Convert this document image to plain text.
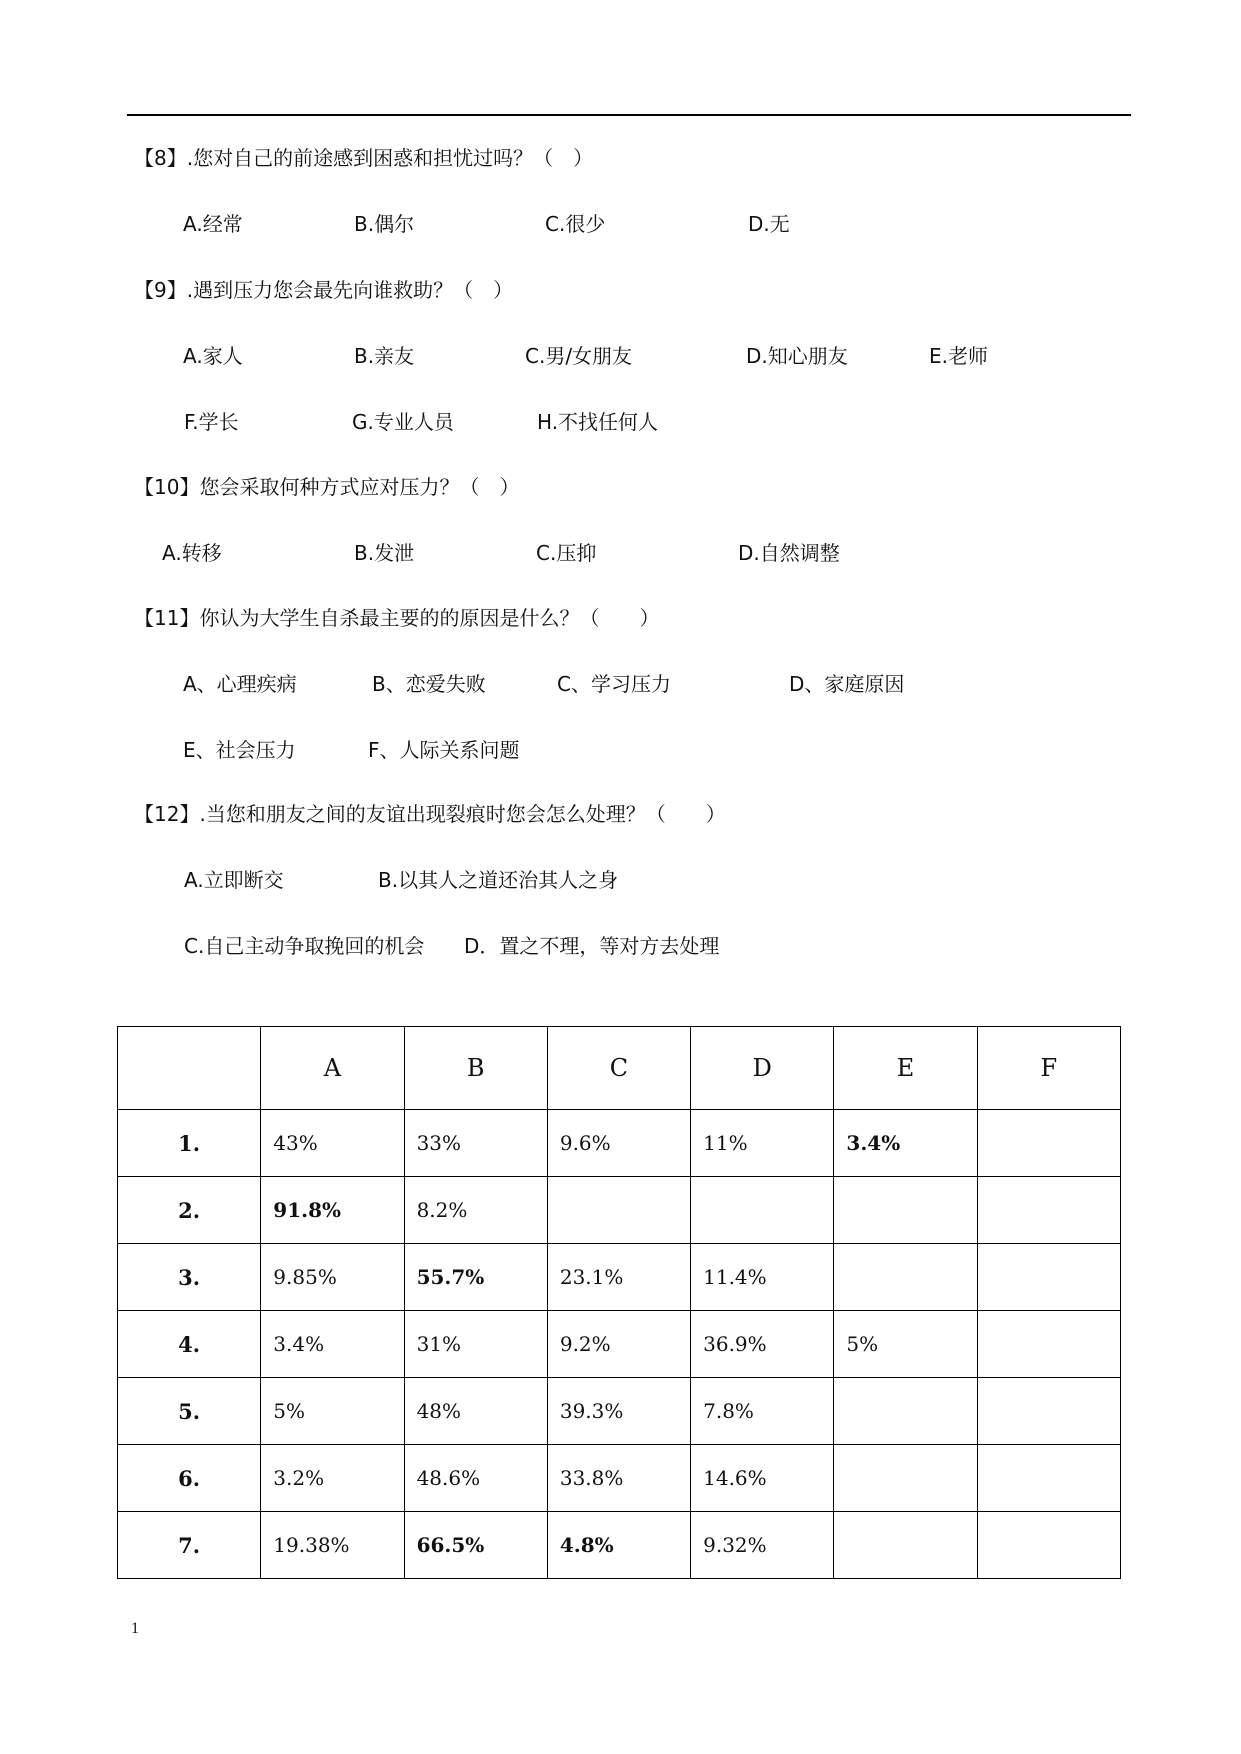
【8】.您对自己的前途感到困惑和担忧过吗？（　）
A.经常	B.偶尔	C.很少	D.无
【9】.遇到压力您会最先向谁救助？（　）
A.家人	B.亲友	C.男/女朋友	D.知心朋友	E.老师
F.学长	G.专业人员	H.不找任何人
【10】您会采取何种方式应对压力？（　）
A.转移	B.发泄	C.压抑	D.自然调整
【11】你认为大学生自杀最主要的的原因是什么？（　　）
A、心理疾病	B、恋爱失败	C、学习压力	D、家庭原因
E、社会压力	F、人际关系问题
【12】.当您和朋友之间的友谊出现裂痕时您会怎么处理？（　　）
A.立即断交	B.以其人之道还治其人之身
C.自己主动争取挽回的机会 D．置之不理，等对方去处理
	A	B	C	D	E	F
1.	43%	33%	9.6%	11%	3.4%	
2.	91.8%	8.2%				
3.	9.85%	55.7%	23.1%	11.4%		
4.	3.4%	31%	9.2%	36.9%	5%	
5.	5%	48%	39.3%	7.8%		
6.	3.2%	48.6%	33.8%	14.6%		
7.	19.38%	66.5%	4.8%	9.32%		
1
